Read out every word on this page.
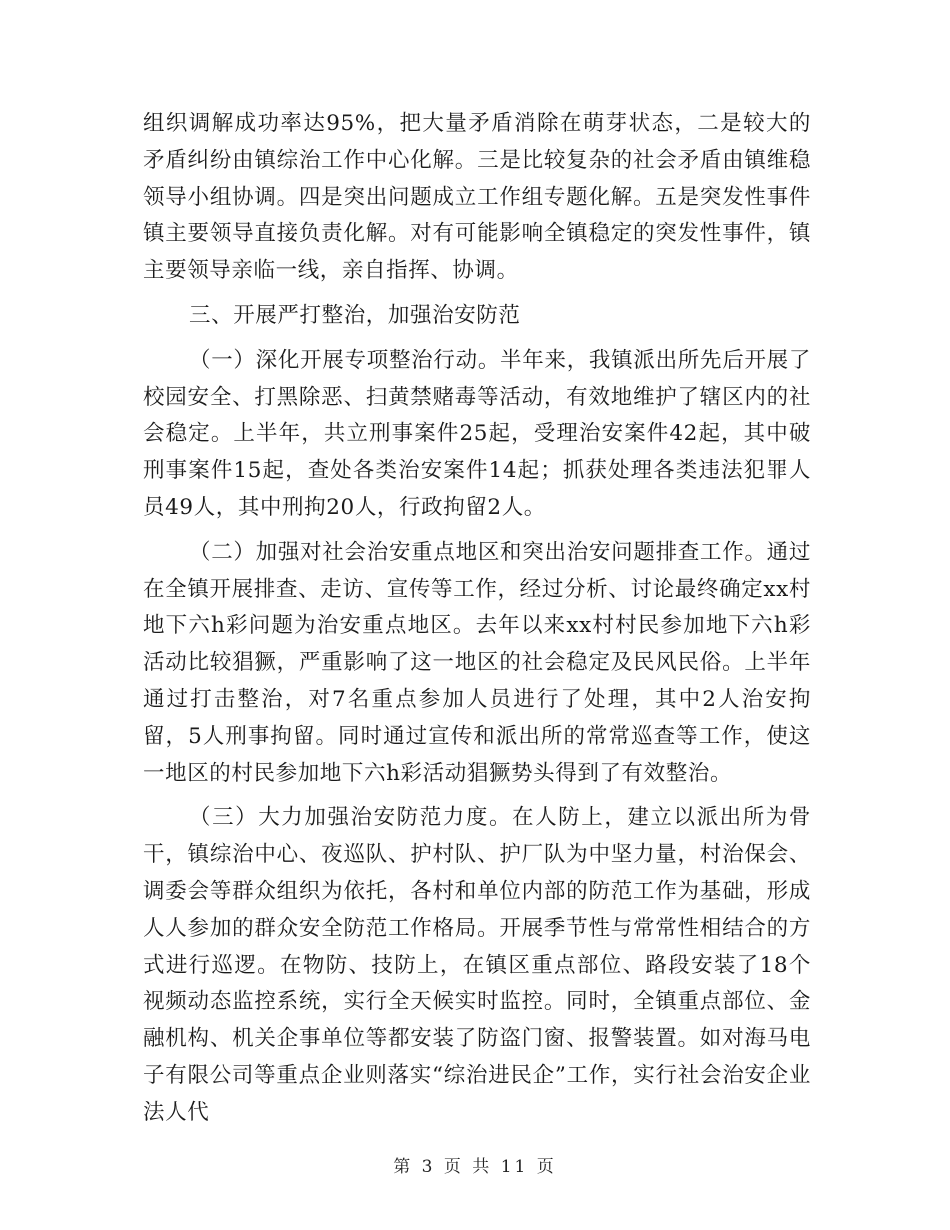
组织调解成功率达95%，把大量矛盾消除在萌芽状态，二是较大的矛盾纠纷由镇综治工作中心化解。三是比较复杂的社会矛盾由镇维稳领导小组协调。四是突出问题成立工作组专题化解。五是突发性事件镇主要领导直接负责化解。对有可能影响全镇稳定的突发性事件，镇主要领导亲临一线，亲自指挥、协调。

三、开展严打整治，加强治安防范

（一）深化开展专项整治行动。半年来，我镇派出所先后开展了校园安全、打黑除恶、扫黄禁赌毒等活动，有效地维护了辖区内的社会稳定。上半年，共立刑事案件25起，受理治安案件42起，其中破刑事案件15起，查处各类治安案件14起；抓获处理各类违法犯罪人员49人，其中刑拘20人，行政拘留2人。

（二）加强对社会治安重点地区和突出治安问题排查工作。通过在全镇开展排查、走访、宣传等工作，经过分析、讨论最终确定xx村地下六h彩问题为治安重点地区。去年以来xx村村民参加地下六h彩活动比较猖獗，严重影响了这一地区的社会稳定及民风民俗。上半年通过打击整治，对7名重点参加人员进行了处理，其中2人治安拘留，5人刑事拘留。同时通过宣传和派出所的常常巡查等工作，使这一地区的村民参加地下六h彩活动猖獗势头得到了有效整治。

（三）大力加强治安防范力度。在人防上，建立以派出所为骨干，镇综治中心、夜巡队、护村队、护厂队为中坚力量，村治保会、调委会等群众组织为依托，各村和单位内部的防范工作为基础，形成人人参加的群众安全防范工作格局。开展季节性与常常性相结合的方式进行巡逻。在物防、技防上，在镇区重点部位、路段安装了18个视频动态监控系统，实行全天候实时监控。同时，全镇重点部位、金融机构、机关企事单位等都安装了防盗门窗、报警装置。如对海马电子有限公司等重点企业则落实“综治进民企”工作，实行社会治安企业法人代

第 3 页 共 11 页
